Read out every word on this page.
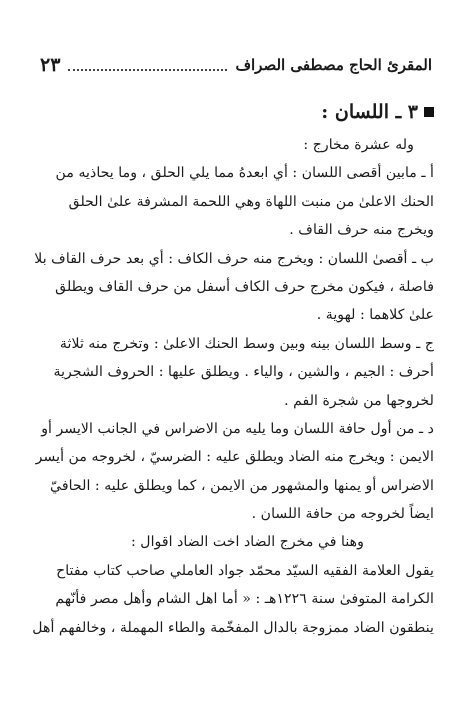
٢٣	المقرئ الحاج مصطفى الصراف
٣ ـ اللسان :
وله عشرة مخارج :
أ ـ مابين أقصى اللسان : أي ابعدهُ مما يلي الحلق ، وما يحاذيه من
الحنك الاعلىٰ من منبت اللهاة وهي اللحمة المشرفة علىٰ الحلق
ويخرج منه حرف القاف .
ب ـ أقصىٰ اللسان : ويخرج منه حرف الكاف : أي بعد حرف القاف بلا
فاصلة ، فيكون مخرج حرف الكاف أسفل من حرف القاف ويطلق
علىٰ كلاهما : لهوية .
ج ـ وسط اللسان بينه وبين وسط الحنك الاعلىٰ : وتخرج منه ثلاثة
أحرف : الجيم ، والشين ، والياء . ويطلق عليها : الحروف الشجرية
لخروجها من شجرة الفم .
د ـ من أول حافة اللسان وما يليه من الاضراس في الجانب الايسر أو
الايمن : ويخرج منه الضاد ويطلق عليه : الضرسيّ ، لخروجه من أيسر
الاضراس أو يمنها والمشهور من الايمن ، كما ويطلق عليه : الحافيّ
ايضاً لخروجه من حافة اللسان .
وهنا في مخرج الضاد اخت الضاد اقوال :
يقول العلامة الفقيه السيّد محمّد جواد العاملي صاحب كتاب مفتاح
الكرامة المتوفىٰ سنة ١٢٢٦هـ : « أما اهل الشام وأهل مصر فأنّهم
ينطقون الضاد ممزوجة بالدال المفخّمة والطاء المهملة ، وخالفهم أهل
